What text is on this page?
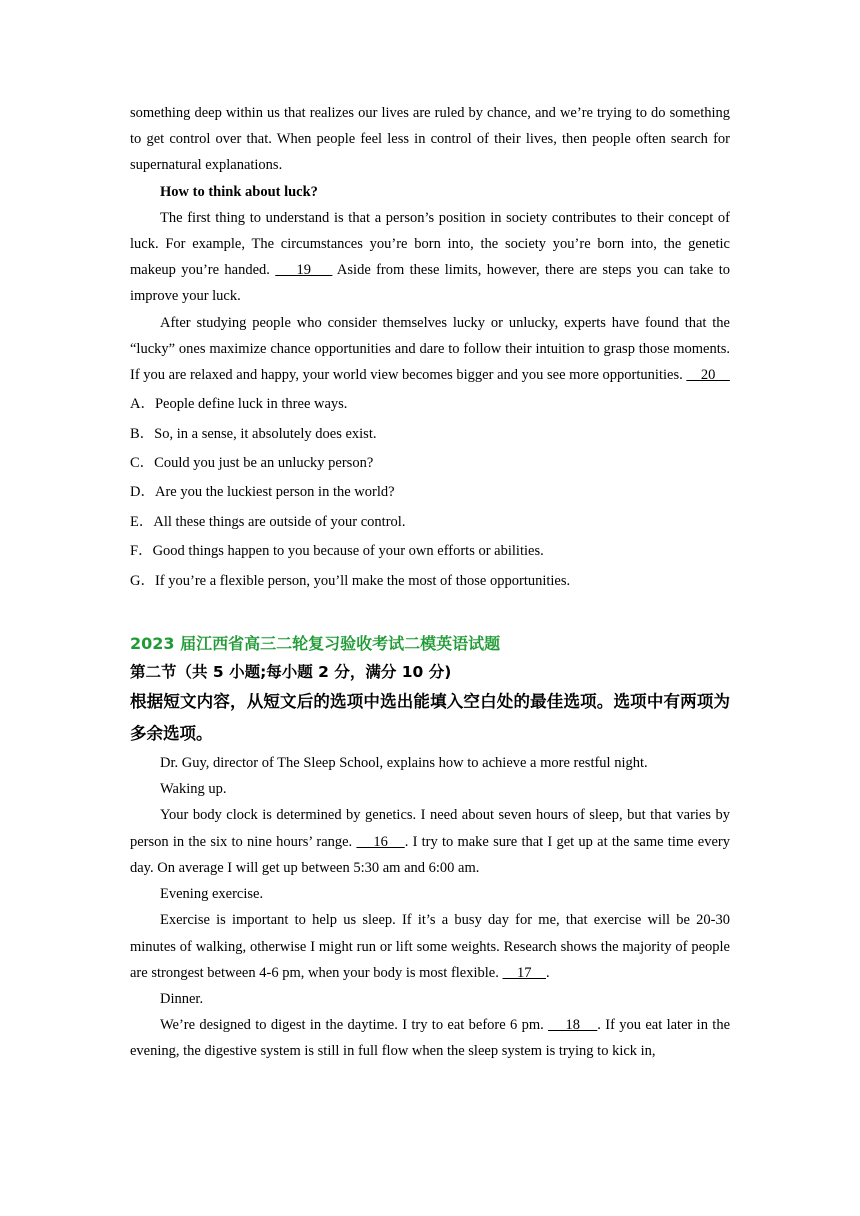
something deep within us that realizes our lives are ruled by chance, and we’re trying to do something to get control over that. When people feel less in control of their lives, then people often search for supernatural explanations.

How to think about luck?

The first thing to understand is that a person’s position in society contributes to their concept of luck. For example, The circumstances you’re born into, the society you’re born into, the genetic makeup you’re handed.     19     Aside from these limits, however, there are steps you can take to improve your luck.

After studying people who consider themselves lucky or unlucky, experts have found that the “lucky” ones maximize chance opportunities and dare to follow their intuition to grasp those moments. If you are relaxed and happy, your world view becomes bigger and you see more opportunities.     20

A．People define luck in three ways.

B．So, in a sense, it absolutely does exist.

C．Could you just be an unlucky person?

D．Are you the luckiest person in the world?

E．All these things are outside of your control.

F．Good things happen to you because of your own efforts or abilities.

G．If you’re a flexible person, you’ll make the most of those opportunities.

2023 届江西省高三二轮复习验收考试二模英语试题

第二节（共 5 小题;每小题 2 分，满分 10 分)

根据短文内容，从短文后的选项中选出能填入空白处的最佳选项。选项中有两项为多余选项。

Dr. Guy, director of The Sleep School, explains how to achieve a more restful night.

Waking up.

Your body clock is determined by genetics. I need about seven hours of sleep, but that varies by person in the six to nine hours’ range.     16    . I try to make sure that I get up at the same time every day. On average I will get up between 5:30 am and 6:00 am.

Evening exercise.

Exercise is important to help us sleep. If it’s a busy day for me, that exercise will be 20-30 minutes of walking, otherwise I might run or lift some weights. Research shows the majority of people are strongest between 4-6 pm, when your body is most flexible.     17    .

Dinner.

We’re designed to digest in the daytime. I try to eat before 6 pm.     18    . If you eat later in the evening, the digestive system is still in full flow when the sleep system is trying to kick in,
